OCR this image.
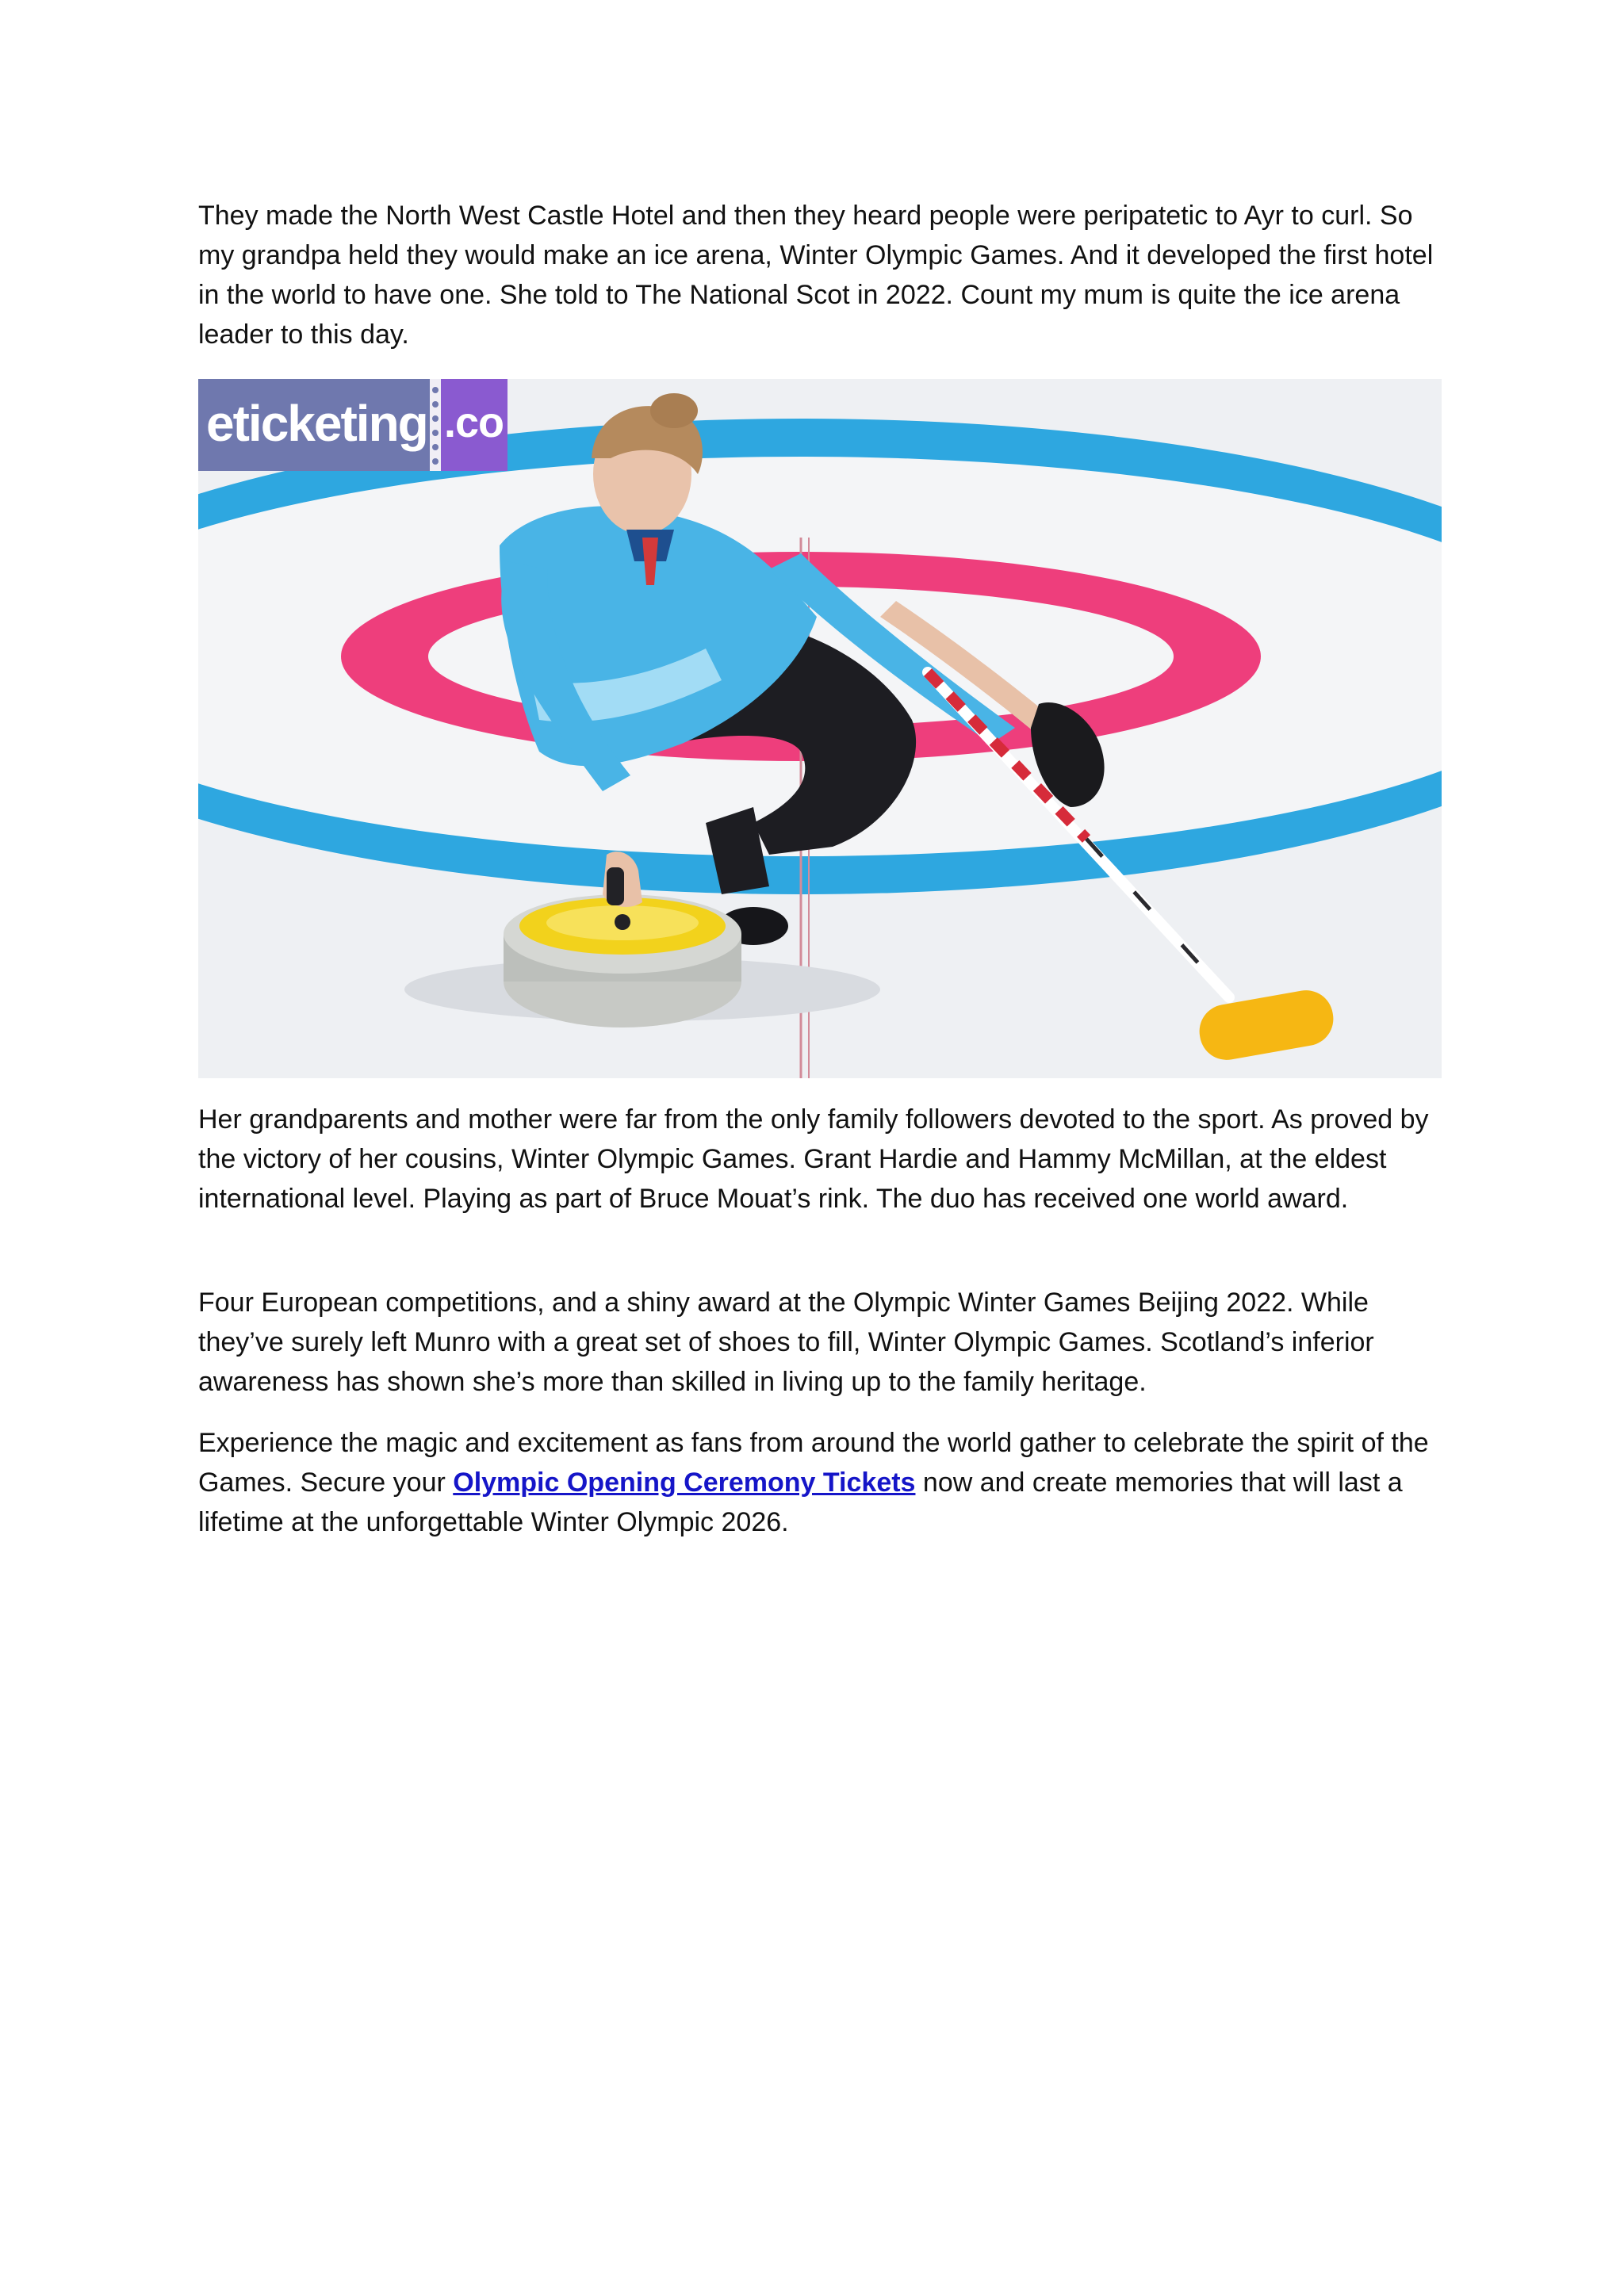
They made the North West Castle Hotel and then they heard people were peripatetic to Ayr to curl. So my grandpa held they would make an ice arena, Winter Olympic Games. And it developed the first hotel in the world to have one. She told to The National Scot in 2022. Count my mum is quite the ice arena leader to this day.

eticketing .co

Her grandparents and mother were far from the only family followers devoted to the sport. As proved by the victory of her cousins, Winter Olympic Games. Grant Hardie and Hammy McMillan, at the eldest international level. Playing as part of Bruce Mouat’s rink. The duo has received one world award.

Four European competitions, and a shiny award at the Olympic Winter Games Beijing 2022. While they’ve surely left Munro with a great set of shoes to fill, Winter Olympic Games. Scotland’s inferior awareness has shown she’s more than skilled in living up to the family heritage.

Experience the magic and excitement as fans from around the world gather to celebrate the spirit of the Games. Secure your Olympic Opening Ceremony Tickets now and create memories that will last a lifetime at the unforgettable Winter Olympic 2026.
